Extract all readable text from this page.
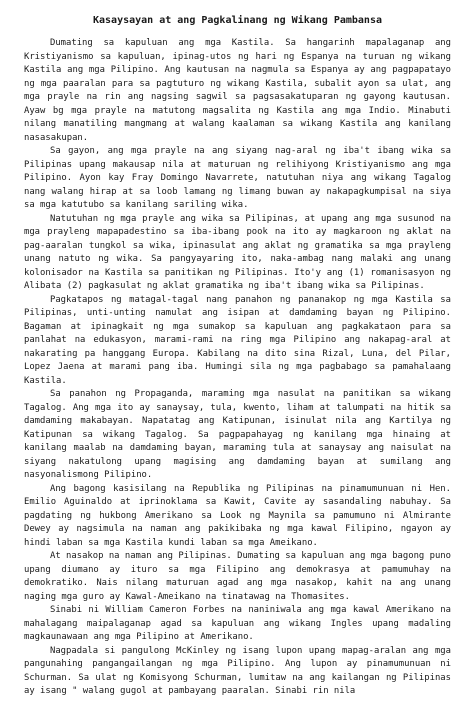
Kasaysayan at ang Pagkalinang ng Wikang Pambansa

Dumating sa kapuluan ang mga Kastila. Sa hangarinh mapalaganap ang Kristiyanismo sa kapuluan, ipinag-utos ng hari ng Espanya na turuan ng wikang Kastila ang mga Pilipino. Ang kautusan na nagmula sa Espanya ay ang pagpapatayo ng mga paaralan para sa pagtuturo ng wikang Kastila, subalit ayon sa ulat, ang mga prayle na rin ang nagsing sagwil sa pagsasakatuparan ng gayong kautusan. Ayaw bg mga prayle na matutong magsalita ng Kastila ang mga Indio. Minabuti nilang manatiling mangmang at walang kaalaman sa wikang Kastila ang kanilang nasasakupan.

Sa gayon, ang mga prayle na ang siyang nag-aral ng iba't ibang wika sa Pilipinas upang makausap nila at maturuan ng relihiyong Kristiyanismo ang mga Pilipino. Ayon kay Fray Domingo Navarrete, natutuhan niya ang wikang Tagalog nang walang hirap at sa loob lamang ng limang buwan ay nakapagkumpisal na siya sa mga katutubo sa kanilang sariling wika.

Natutuhan ng mga prayle ang wika sa Pilipinas, at upang ang mga susunod na mga prayleng mapapadestino sa iba-ibang pook na ito ay magkaroon ng aklat na pag-aaralan tungkol sa wika, ipinasulat ang aklat ng gramatika sa mga prayleng unang natuto ng wika. Sa pangyayaring ito, naka-ambag nang malaki ang unang kolonisador na Kastila sa panitikan ng Pilipinas. Ito'y ang (1) romanisasyon ng Alibata (2) pagkasulat ng aklat gramatika ng iba't ibang wika sa Pilipinas.

Pagkatapos ng matagal-tagal nang panahon ng pananakop ng mga Kastila sa Pilipinas, unti-unting namulat ang isipan at damdaming bayan ng Pilipino. Bagaman at ipinagkait ng mga sumakop sa kapuluan ang pagkakataon para sa panlahat na edukasyon, marami-rami na ring mga Pilipino ang nakapag-aral at nakarating pa hanggang Europa. Kabilang na dito sina Rizal, Luna, del Pilar, Lopez Jaena at marami pang iba. Humingi sila ng mga pagbabago sa pamahalaang Kastila.

Sa panahon ng Propaganda, maraming mga nasulat na panitikan sa wikang Tagalog. Ang mga ito ay sanaysay, tula, kwento, liham at talumpati na hitik sa damdaming makabayan. Napatatag ang Katipunan, isinulat nila ang Kartilya ng Katipunan sa wikang Tagalog. Sa pagpapahayag ng kanilang mga hinaing at kanilang maalab na damdaming bayan, maraming tula at sanaysay ang naisulat na siyang nakatulong upang magising ang damdaming bayan at sumilang ang nasyonalismong Pilipino.

Ang bagong kasisilang na Republika ng Pilipinas na pinamumunuan ni Hen. Emilio Aguinaldo at iprinoklama sa Kawit, Cavite ay sasandaling nabuhay. Sa pagdating ng hukbong Amerikano sa Look ng Maynila sa pamumuno ni Almirante Dewey ay nagsimula na naman ang pakikibaka ng mga kawal Filipino, ngayon ay hindi laban sa mga Kastila kundi laban sa mga Ameikano.

At nasakop na naman ang Pilipinas. Dumating sa kapuluan ang mga bagong puno upang diumano ay ituro sa mga Filipino ang demokrasya at pamumuhay na demokratiko. Nais nilang maturuan agad ang mga nasakop, kahit na ang unang naging mga guro ay Kawal-Ameikano na tinatawag na Thomasites.

Sinabi ni William Cameron Forbes na naniniwala ang mga kawal Amerikano na mahalagang maipalaganap agad sa kapuluan ang wikang Ingles upang madaling magkaunawaan ang mga Pilipino at Amerikano.

Nagpadala si pangulong McKinley ng isang lupon upang mapag-aralan ang mga pangunahing pangangailangan ng mga Pilipino. Ang lupon ay pinamumunuan ni Schurman. Sa ulat ng Komisyong Schurman, lumitaw na ang kailangan ng Pilipinas ay isang " walang gugol at pambayang paaralan. Sinabi rin nila
